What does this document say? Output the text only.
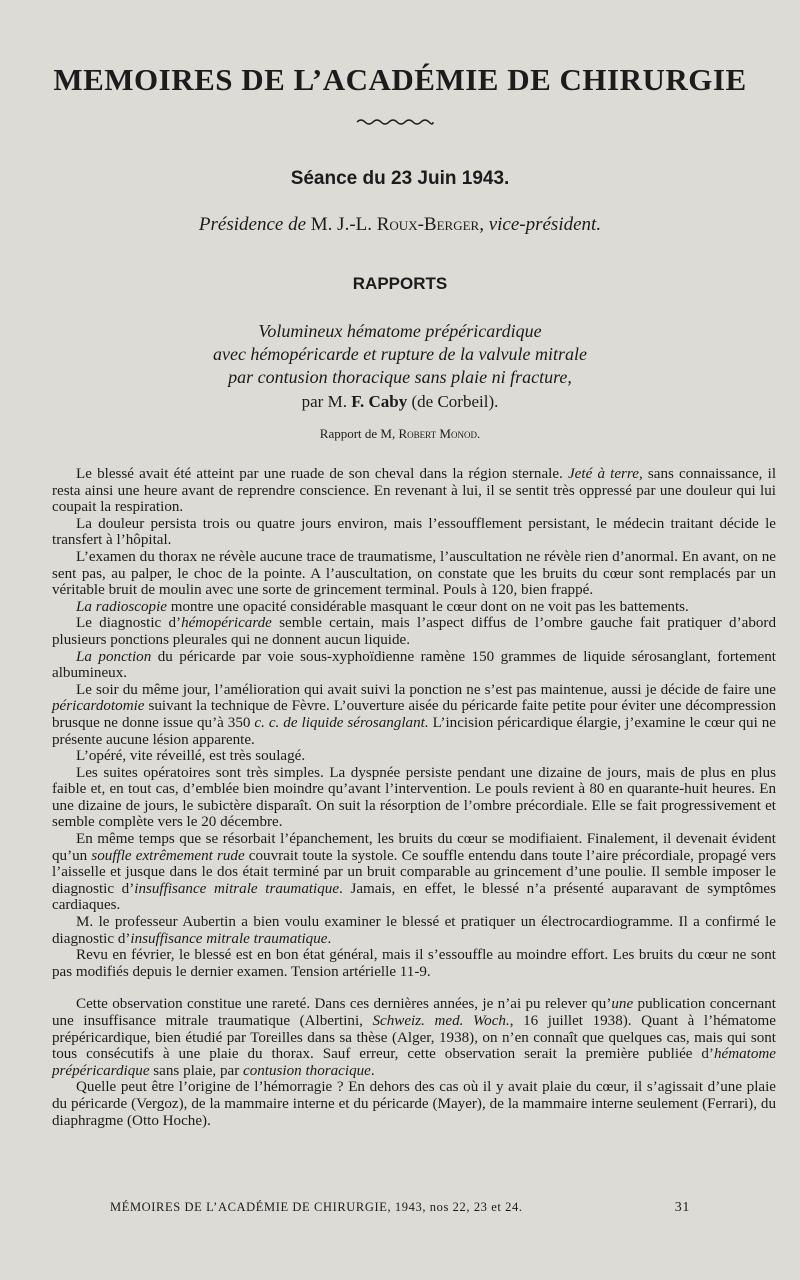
MEMOIRES DE L’ACADÉMIE DE CHIRURGIE
Séance du 23 Juin 1943.
Présidence de M. J.-L. Roux-Berger, vice-président.
RAPPORTS
Volumineux hématome prépéricardique
avec hémopéricarde et rupture de la valvule mitrale
par contusion thoracique sans plaie ni fracture,
par M. F. Caby (de Corbeil).
Rapport de M, Robert Monod.

Le blessé avait été atteint par une ruade de son cheval dans la région sternale. Jeté à terre, sans connaissance, il resta ainsi une heure avant de reprendre conscience. En revenant à lui, il se sentit très oppressé par une douleur qui lui coupait la respiration.

La douleur persista trois ou quatre jours environ, mais l’essoufflement persistant, le médecin traitant décide le transfert à l’hôpital.

L’examen du thorax ne révèle aucune trace de traumatisme, l’auscultation ne révèle rien d’anormal. En avant, on ne sent pas, au palper, le choc de la pointe. A l’auscultation, on constate que les bruits du cœur sont remplacés par un véritable bruit de moulin avec une sorte de grincement terminal. Pouls à 120, bien frappé.

La radioscopie montre une opacité considérable masquant le cœur dont on ne voit pas les battements.

Le diagnostic d’hémopéricarde semble certain, mais l’aspect diffus de l’ombre gauche fait pratiquer d’abord plusieurs ponctions pleurales qui ne donnent aucun liquide.

La ponction du péricarde par voie sous-xyphoïdienne ramène 150 grammes de liquide sérosanglant, fortement albumineux.

Le soir du même jour, l’amélioration qui avait suivi la ponction ne s’est pas maintenue, aussi je décide de faire une péricardotomie suivant la technique de Fèvre. L’ouverture aisée du péricarde faite petite pour éviter une décompression brusque ne donne issue qu’à 350 c. c. de liquide sérosanglant. L’incision péricardique élargie, j’examine le cœur qui ne présente aucune lésion apparente.

L’opéré, vite réveillé, est très soulagé.

Les suites opératoires sont très simples. La dyspnée persiste pendant une dizaine de jours, mais de plus en plus faible et, en tout cas, d’emblée bien moindre qu’avant l’intervention. Le pouls revient à 80 en quarante-huit heures. En une dizaine de jours, le subictère disparaît. On suit la résorption de l’ombre précordiale. Elle se fait progressivement et semble complète vers le 20 décembre.

En même temps que se résorbait l’épanchement, les bruits du cœur se modifiaient. Finalement, il devenait évident qu’un souffle extrêmement rude couvrait toute la systole. Ce souffle entendu dans toute l’aire précordiale, propagé vers l’aisselle et jusque dans le dos était terminé par un bruit comparable au grincement d’une poulie. Il semble imposer le diagnostic d’insuffisance mitrale traumatique. Jamais, en effet, le blessé n’a présenté auparavant de symptômes cardiaques.

M. le professeur Aubertin a bien voulu examiner le blessé et pratiquer un électrocardiogramme. Il a confirmé le diagnostic d’insuffisance mitrale traumatique.

Revu en février, le blessé est en bon état général, mais il s’essouffle au moindre effort. Les bruits du cœur ne sont pas modifiés depuis le dernier examen. Tension artérielle 11-9.

Cette observation constitue une rareté. Dans ces dernières années, je n’ai pu relever qu’une publication concernant une insuffisance mitrale traumatique (Albertini, Schweiz. med. Woch., 16 juillet 1938). Quant à l’hématome prépéricardique, bien étudié par Toreilles dans sa thèse (Alger, 1938), on n’en connaît que quelques cas, mais qui sont tous consécutifs à une plaie du thorax. Sauf erreur, cette observation serait la première publiée d’hématome prépéricardique sans plaie, par contusion thoracique.

Quelle peut être l’origine de l’hémorragie ? En dehors des cas où il y avait plaie du cœur, il s’agissait d’une plaie du péricarde (Vergoz), de la mammaire interne et du péricarde (Mayer), de la mammaire interne seulement (Ferrari), du diaphragme (Otto Hoche).

MÉMOIRES DE L’ACADÉMIE DE CHIRURGIE, 1943, nos 22, 23 et 24.	31
